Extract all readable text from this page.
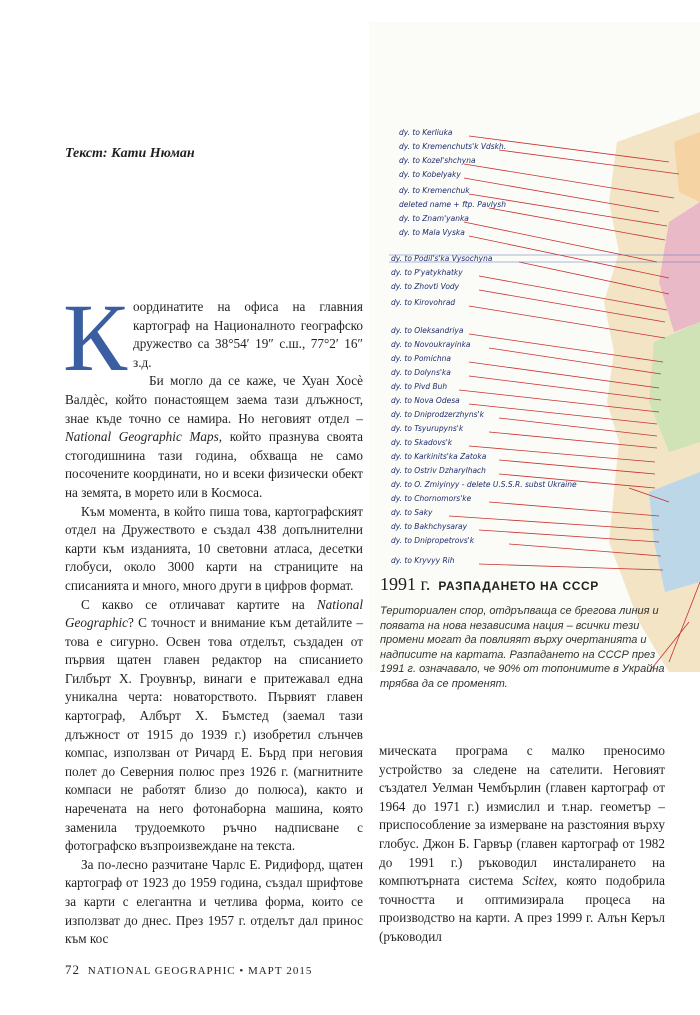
Текст: Кати Нюман

Координатите на офиса на главния картограф на Националното географско дружество са 38°54′ 19″ с.ш., 77°2′ 16″ з.д.

Би могло да се каже, че Хуан Хосѐ Валдѐс, който понастоящем заема тази длъжност, знае къде точно се намира. Но неговият отдел – National Geographic Maps, който празнува своята стогодишнина тази година, обхваща не само посочените координати, но и всеки физически обект на земята, в морето или в Космоса.

Към момента, в който пиша това, картографският отдел на Дружеството е създал 438 допълнителни карти към изданията, 10 световни атласа, десетки глобуси, около 3000 карти на страниците на списанията и много, много други в цифров формат.

С какво се отличават картите на National Geographic? С точност и внимание към детайлите – това е сигурно. Освен това отделът, създаден от първия щатен главен редактор на списанието Гилбърт Х. Гроувнър, винаги е притежавал една уникална черта: новаторството. Първият главен картограф, Албърт Х. Бъмстед (заемал тази длъжност от 1915 до 1939 г.) изобретил слънчев компас, използван от Ричард Е. Бърд при неговия полет до Северния полюс през 1926 г. (магнитните компаси не работят близо до полюса), както и наречената на него фотонаборна машина, която заменила трудоемкото ръчно надписване с фотографско възпроизвеждане на текста.

За по-лесно разчитане Чарлс Е. Ридифорд, щатен картограф от 1923 до 1959 година, създал шрифтове за карти с елегантна и четлива форма, които се използват до днес. През 1957 г. отделът дал принос към кос

мическата програма с малко преносимо устройство за следене на сателити. Неговият създател Уелман Чембърлин (главен картограф от 1964 до 1971 г.) измислил и т.нар. геометър – приспособление за измерване на разстояния върху глобус. Джон Б. Гарвър (главен картограф от 1982 до 1991 г.) ръководил инсталирането на компютърната система Scitex, която подобрила точността и оптимизирала процеса на производство на карти. А през 1999 г. Алън Керъл (ръководил

dy. to Kerliuka
dy. to Kremenchuts'k Vdskh.
dy. to Kozel'shchyna
dy. to Kobelyaky
dy. to Kremenchuk
deleted name + ftp. Pavlysh
dy. to Znam'yanka
dy. to Mala Vyska
dy. to Podil's'ka Vysochyna
dy. to P'yatykhatky
dy. to Zhovti Vody
dy. to Kirovohrad
dy. to Oleksandriya
dy. to Novoukrayinka
dy. to Pomichna
dy. to Dolyns'ka
dy. to Pivd Buh
dy. to Nova Odesa
dy. to Dniprodzerzhyns'k
dy. to Tsyurupyns'k
dy. to Skadovs'k
dy. to Karkinits'ka Zatoka
dy. to Ostriv Dzharylhach
dy. to O. Zmiyinyy - delete U.S.S.R. subst Ukraine
dy. to Chornomors'ke
dy. to Saky
dy. to Bakhchysaray
dy. to Dnipropetrovs'k
dy. to Kryvyy Rih
1991 г. РАЗПАДАНЕТО НА СССР
Териториален спор, отдръпваща се брегова линия и появата на нова независима нация – всички тези промени могат да повлияят върху очертанията и надписите на картата. Разпадането на СССР през 1991 г. означавало, че 90% от топонимите в Украйна трябва да се променят.
72 NATIONAL GEOGRAPHIC • МАРТ 2015
